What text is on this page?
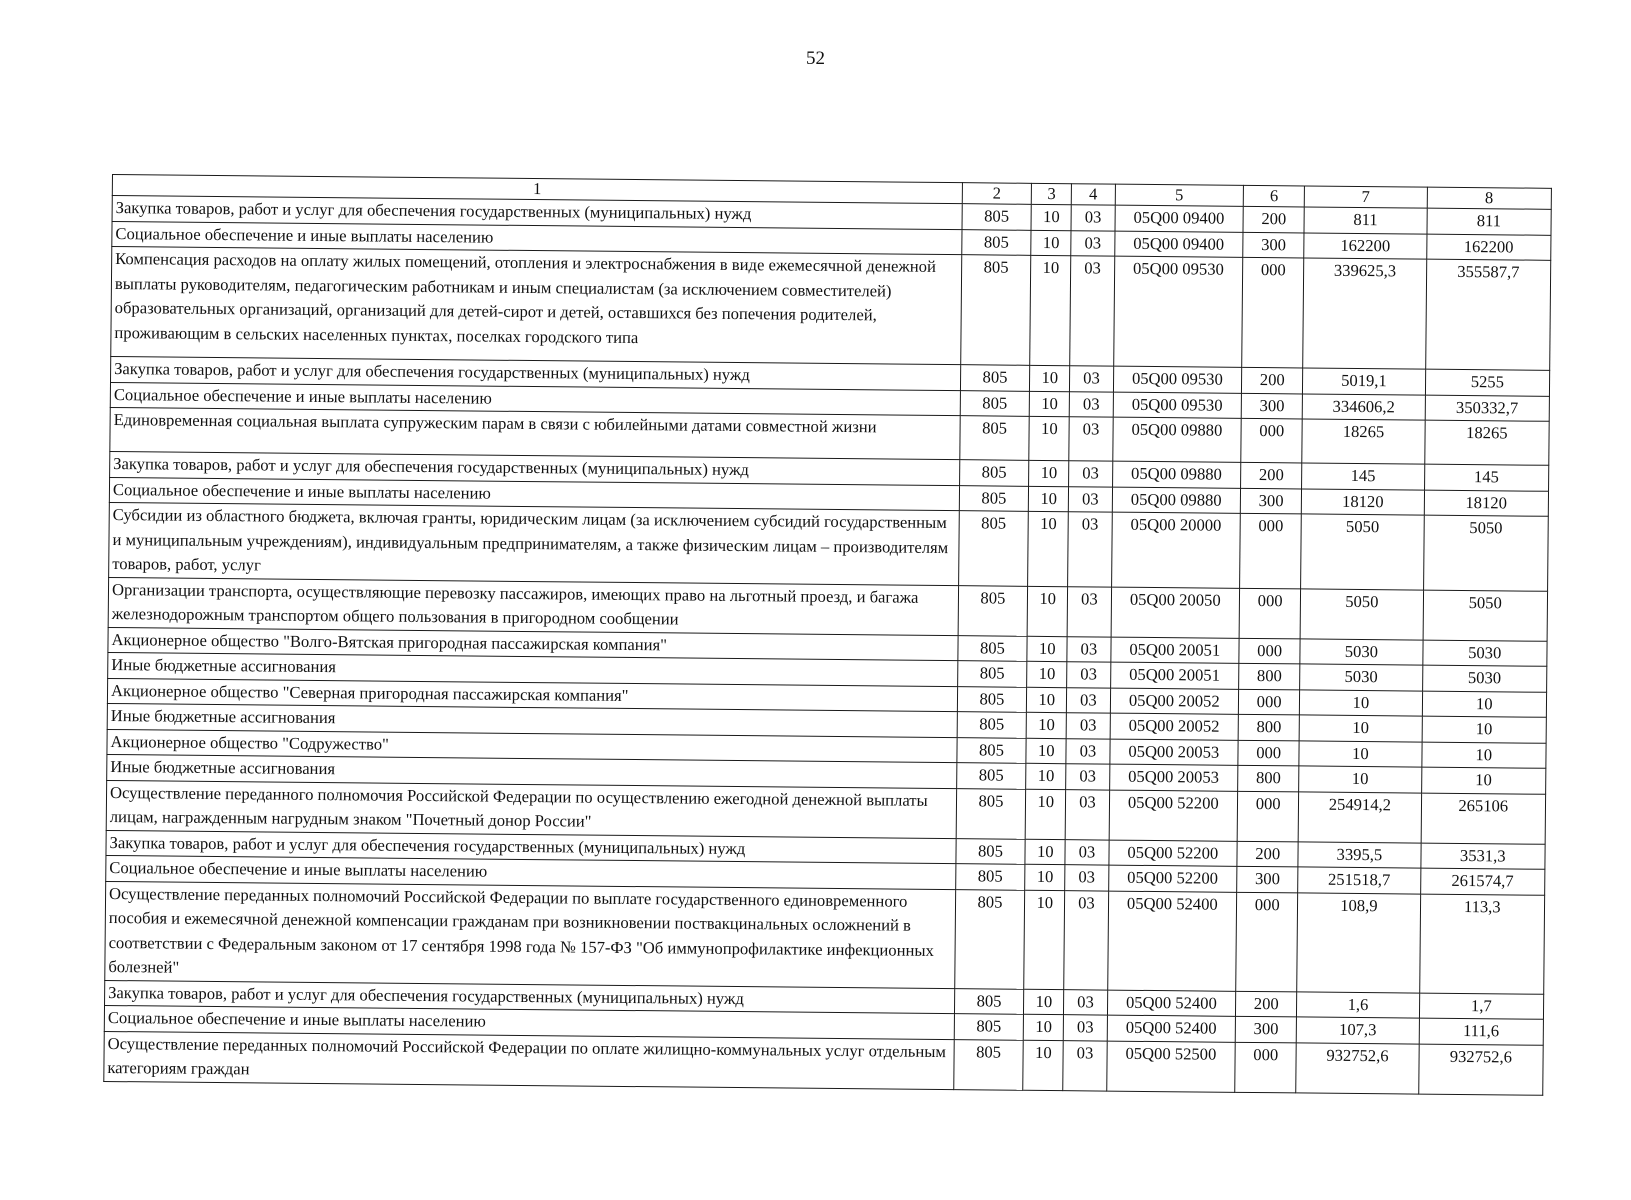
52
1	2	3	4	5	6	7	8
Закупка товаров, работ и услуг для обеспечения государственных (муниципальных) нужд	805	10	03	05Q00 09400	200	811	811
Социальное обеспечение и иные выплаты населению	805	10	03	05Q00 09400	300	162200	162200
Компенсация расходов на оплату жилых помещений, отопления и электроснабжения в виде ежемесячной денежной выплаты руководителям, педагогическим работникам и иным специалистам (за исключением совместителей) образовательных организаций, организаций для детей-сирот и детей, оставшихся без попечения родителей, проживающим в сельских населенных пунктах, поселках городского типа	805	10	03	05Q00 09530	000	339625,3	355587,7
Закупка товаров, работ и услуг для обеспечения государственных (муниципальных) нужд	805	10	03	05Q00 09530	200	5019,1	5255
Социальное обеспечение и иные выплаты населению	805	10	03	05Q00 09530	300	334606,2	350332,7
Единовременная социальная выплата супружеским парам в связи с юбилейными датами совместной жизни	805	10	03	05Q00 09880	000	18265	18265
Закупка товаров, работ и услуг для обеспечения государственных (муниципальных) нужд	805	10	03	05Q00 09880	200	145	145
Социальное обеспечение и иные выплаты населению	805	10	03	05Q00 09880	300	18120	18120
Субсидии из областного бюджета, включая гранты, юридическим лицам (за исключением субсидий государственным и муниципальным учреждениям), индивидуальным предпринимателям, а также физическим лицам – производителям товаров, работ, услуг	805	10	03	05Q00 20000	000	5050	5050
Организации транспорта, осуществляющие перевозку пассажиров, имеющих право на льготный проезд, и багажа железнодорожным транспортом общего пользования в пригородном сообщении	805	10	03	05Q00 20050	000	5050	5050
Акционерное общество "Волго-Вятская пригородная пассажирская компания"	805	10	03	05Q00 20051	000	5030	5030
Иные бюджетные ассигнования	805	10	03	05Q00 20051	800	5030	5030
Акционерное общество "Северная пригородная пассажирская компания"	805	10	03	05Q00 20052	000	10	10
Иные бюджетные ассигнования	805	10	03	05Q00 20052	800	10	10
Акционерное общество "Содружество"	805	10	03	05Q00 20053	000	10	10
Иные бюджетные ассигнования	805	10	03	05Q00 20053	800	10	10
Осуществление переданного полномочия Российской Федерации по осуществлению ежегодной денежной выплаты лицам, награжденным нагрудным знаком "Почетный донор России"	805	10	03	05Q00 52200	000	254914,2	265106
Закупка товаров, работ и услуг для обеспечения государственных (муниципальных) нужд	805	10	03	05Q00 52200	200	3395,5	3531,3
Социальное обеспечение и иные выплаты населению	805	10	03	05Q00 52200	300	251518,7	261574,7
Осуществление переданных полномочий Российской Федерации по выплате государственного единовременного пособия и ежемесячной денежной компенсации гражданам при возникновении поствакцинальных осложнений в соответствии с Федеральным законом от 17 сентября 1998 года № 157-ФЗ "Об иммунопрофилактике инфекционных болезней"	805	10	03	05Q00 52400	000	108,9	113,3
Закупка товаров, работ и услуг для обеспечения государственных (муниципальных) нужд	805	10	03	05Q00 52400	200	1,6	1,7
Социальное обеспечение и иные выплаты населению	805	10	03	05Q00 52400	300	107,3	111,6
Осуществление переданных полномочий Российской Федерации по оплате жилищно-коммунальных услуг отдельным категориям граждан	805	10	03	05Q00 52500	000	932752,6	932752,6
